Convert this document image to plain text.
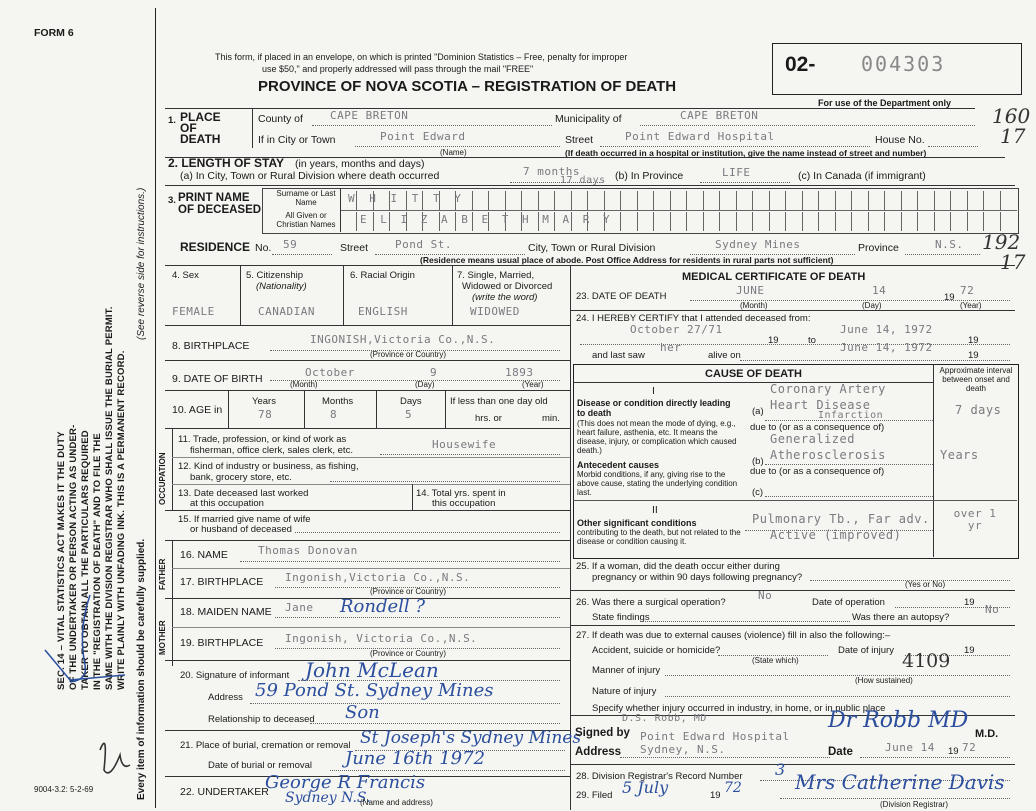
FORM 6
SEC. 14 – VITAL STATISTICS ACT MAKES IT THE DUTY OF THE UNDERTAKER OR PERSON ACTING AS UNDER- TAKER TO OBTAIN ALL THE PARTICULARS REQUIRED IN THE "REGISTRATION OF DEATH" AND TO FILE THE SAME WITH THE DIVISION REGISTRAR WHO SHALL ISSUE THE BURIAL PERMIT. WRITE PLAINLY WITH UNFADING INK. THIS IS A PERMANENT RECORD.
(See reverse side for instructions.)
Every item of information should be carefully supplied.
9004-3.2: 5-2-69
This form, if placed in an envelope, on which is printed "Dominion Statistics – Free, penalty for improper
use $50," and properly addressed will pass through the mail "FREE"
PROVINCE OF NOVA SCOTIA – REGISTRATION OF DEATH
02- 004303
For use of the Department only
160
17
192
17
1. PLACE OF DEATH
County of CAPE BRETON	Municipality of	CAPE BRETON
If in City or Town	Point Edward
(Name)
Street	Point Edward Hospital	House No.
(If death occurred in a hospital or institution, give the name instead of street and number)
2. LENGTH OF STAY (in years, months and days)
(a) In City, Town or Rural Division where death occurred	7 months
17 days (b) In Province	LIFE	(c) In Canada (if immigrant)
3. PRINT NAME OF DECEASED
Surname or Last Name
All Given or Christian Names
W H I T T Y
E L I Z A B E T H M A R Y
RESIDENCE No. 59	Street Pond St.	City, Town or Rural Division	Sydney Mines	Province	N.S.
(Residence means usual place of abode. Post Office Address for residents in rural parts not sufficient)
4. Sex
FEMALE
5. Citizenship
(Nationality)
CANADIAN
6. Racial Origin
ENGLISH
7. Single, Married,
Widowed or Divorced
(write the word)
WIDOWED
8. BIRTHPLACE	INGONISH,Victoria Co.,N.S.
(Province or Country)
9. DATE OF BIRTH	October	9	1893
(Month)	(Day)	(Year)
10. AGE in
Years	Months	Days
78	8	5
If less than one day old
hrs. or	min.
OCCUPATION
11. Trade, profession, or kind of work as
fisherman, office clerk, sales clerk, etc.	Housewife
12. Kind of industry or business, as fishing,
bank, grocery store, etc.
13. Date deceased last worked
at this occupation
14. Total yrs. spent in
this occupation
15. If married give name of wife
or husband of deceased
FATHER
16. NAME	Thomas Donovan
17. BIRTHPLACE Ingonish,Victoria Co.,N.S.
(Province or Country)
MOTHER
18. MAIDEN NAME Jane Rondell ?
19. BIRTHPLACE Ingonish, Victoria Co.,N.S.
(Province or Country)
20. Signature of informant John McLean
Address 59 Pond St. Sydney Mines
Relationship to deceased Son
21. Place of burial, cremation or removal St Joseph's Sydney Mines
Date of burial or removal June 16th 1972
22. UNDERTAKER
George R Francis
Sydney N.S.
(Name and address)
MEDICAL CERTIFICATE OF DEATH
23. DATE OF DEATH	JUNE	14
19
72
(Month)	(Day)	(Year)
24. I HEREBY CERTIFY that I attended deceased from:
October 27/71
19	to
June 14, 1972
19
and last saw
her
alive on
June 14, 1972
19
CAUSE OF DEATH	Approximate interval between onset and death
I
Disease or condition directly leading to death
(This does not mean the mode of dying, e.g., heart failure, asthenia, etc. It means the disease, injury, or complication which caused death.)
(a)
Coronary Artery
Heart Disease
Infarction	7 days
due to (or as a consequence of)
Generalized
Atherosclerosis
(b)	Years
Antecedent causes
Morbid conditions, if any, giving rise to the above cause, stating the underlying condition last.
due to (or as a consequence of)
(c)
II
Other significant conditions
contributing to the death, but not related to the disease or condition causing it.
Pulmonary Tb., Far adv.
Active (improved)
over 1 yr
25. If a woman, did the death occur either during
pregnancy or within 90 days following pregnancy?
(Yes or No)
26. Was there a surgical operation?
No
Date of operation	19
State findings	Was there an autopsy?
No
27. If death was due to external causes (violence) fill in also the following:–
Accident, suicide or homicide?	Date of injury	19
(State which)	4109
Manner of injury
(How sustained)
Nature of injury
Specify whether injury occurred in industry, in home, or in public place
D.S. Robb, MD
Signed by	Dr Robb MD
M.D.
Point Edward Hospital
Address Sydney, N.S.	Date	June 14 19 72
28. Division Registrar's Record Number 3
29. Filed 5 July	19 72	Mrs Catherine Davis
(Division Registrar)
